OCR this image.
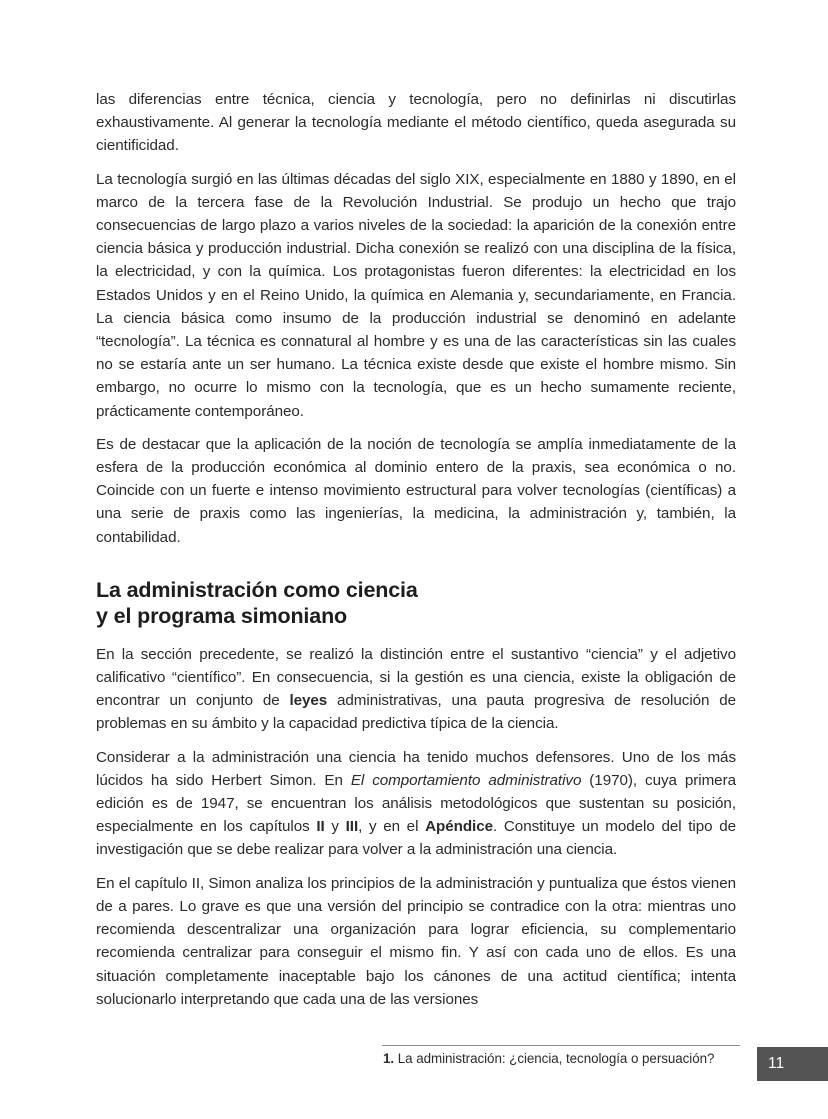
las diferencias entre técnica, ciencia y tecnología, pero no definirlas ni discutirlas exhaustivamente. Al generar la tecnología mediante el método científico, queda asegurada su cientificidad.

La tecnología surgió en las últimas décadas del siglo XIX, especialmente en 1880 y 1890, en el marco de la tercera fase de la Revolución Industrial. Se produjo un hecho que trajo consecuencias de largo plazo a varios niveles de la sociedad: la aparición de la conexión entre ciencia básica y producción industrial. Dicha conexión se realizó con una disciplina de la física, la electricidad, y con la química. Los protagonistas fueron diferentes: la electricidad en los Estados Unidos y en el Reino Unido, la química en Alemania y, secundariamente, en Francia. La ciencia básica como insumo de la producción industrial se denominó en adelante “tecnología”. La técnica es connatural al hombre y es una de las características sin las cuales no se estaría ante un ser humano. La técnica existe desde que existe el hombre mismo. Sin embargo, no ocurre lo mismo con la tecnología, que es un hecho sumamente reciente, prácticamente contemporáneo.

Es de destacar que la aplicación de la noción de tecnología se amplía inmediatamente de la esfera de la producción económica al dominio entero de la praxis, sea económica o no. Coincide con un fuerte e intenso movimiento estructural para volver tecnologías (científicas) a una serie de praxis como las ingenierías, la medicina, la administración y, también, la contabilidad.

La administración como ciencia
y el programa simoniano

En la sección precedente, se realizó la distinción entre el sustantivo “ciencia” y el adjetivo calificativo “científico”. En consecuencia, si la gestión es una ciencia, existe la obligación de encontrar un conjunto de leyes administrativas, una pauta progresiva de resolución de problemas en su ámbito y la capacidad predictiva típica de la ciencia.

Considerar a la administración una ciencia ha tenido muchos defensores. Uno de los más lúcidos ha sido Herbert Simon. En El comportamiento administrativo (1970), cuya primera edición es de 1947, se encuentran los análisis metodológicos que sustentan su posición, especialmente en los capítulos II y III, y en el Apéndice. Constituye un modelo del tipo de investigación que se debe realizar para volver a la administración una ciencia.

En el capítulo II, Simon analiza los principios de la administración y puntualiza que éstos vienen de a pares. Lo grave es que una versión del principio se contradice con la otra: mientras uno recomienda descentralizar una organización para lograr eficiencia, su complementario recomienda centralizar para conseguir el mismo fin. Y así con cada uno de ellos. Es una situación completamente inaceptable bajo los cánones de una actitud científica; intenta solucionarlo interpretando que cada una de las versiones

1. La administración: ¿ciencia, tecnología o persuación?	11
